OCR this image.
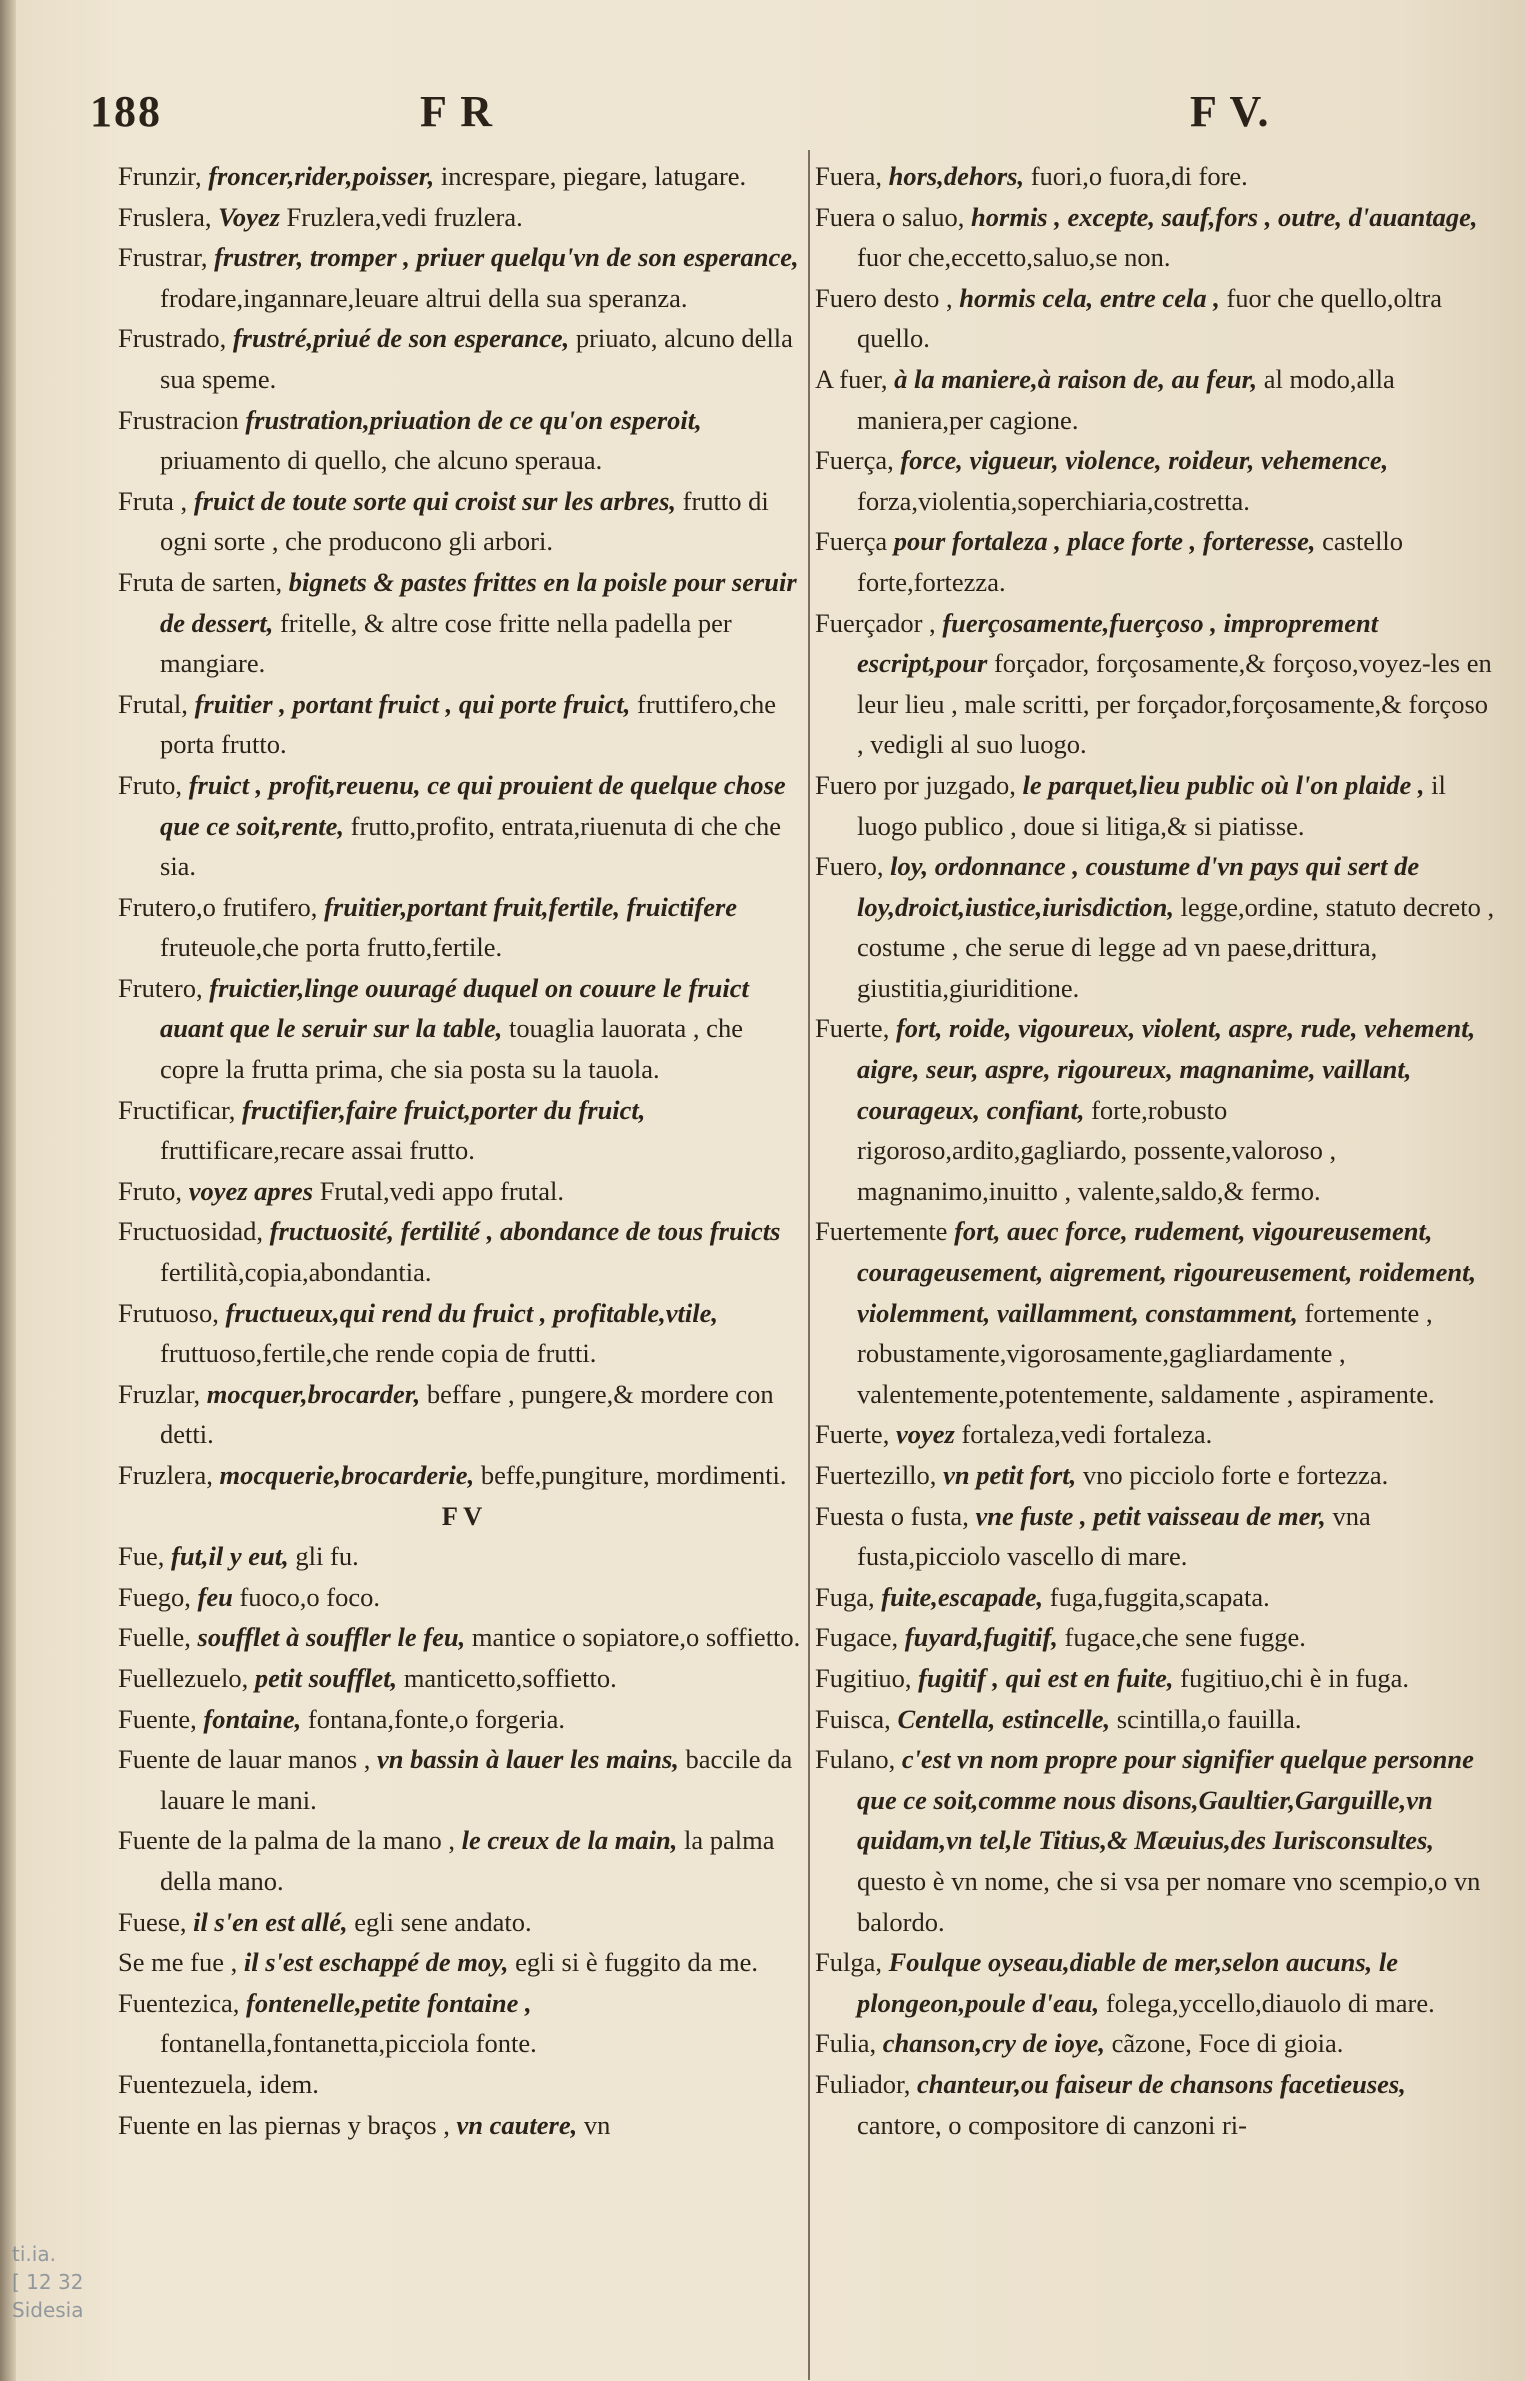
188	F R	F V.

Frunzir, froncer,rider,poisser, increspare, piegare, latugare.

Fruslera, Voyez Fruzlera,vedi fruzlera.

Frustrar, frustrer, tromper , priuer quelqu'vn de son esperance, frodare,ingannare,leuare altrui della sua speranza.

Frustrado, frustré,priué de son esperance, priuato, alcuno della sua speme.

Frustracion frustration,priuation de ce qu'on esperoit, priuamento di quello, che alcuno speraua.

Fruta , fruict de toute sorte qui croist sur les arbres, frutto di ogni sorte , che producono gli arbori.

Fruta de sarten, bignets & pastes frittes en la poisle pour seruir de dessert, fritelle, & altre cose fritte nella padella per mangiare.

Frutal, fruitier , portant fruict , qui porte fruict, fruttifero,che porta frutto.

Fruto, fruict , profit,reuenu, ce qui prouient de quelque chose que ce soit,rente, frutto,profito, entrata,riuenuta di che che sia.

Frutero,o frutifero, fruitier,portant fruit,fertile, fruictifere fruteuole,che porta frutto,fertile.

Frutero, fruictier,linge ouuragé duquel on couure le fruict auant que le seruir sur la table, touaglia lauorata , che copre la frutta prima, che sia posta su la tauola.

Fructificar, fructifier,faire fruict,porter du fruict, fruttificare,recare assai frutto.

Fruto, voyez apres Frutal,vedi appo frutal.

Fructuosidad, fructuosité, fertilité , abondance de tous fruicts fertilità,copia,abondantia.

Frutuoso, fructueux,qui rend du fruict , profitable,vtile, fruttuoso,fertile,che rende copia de frutti.

Fruzlar, mocquer,brocarder, beffare , pungere,& mordere con detti.

Fruzlera, mocquerie,brocarderie, beffe,pungiture, mordimenti.

F V

Fue, fut,il y eut, gli fu.

Fuego, feu fuoco,o foco.

Fuelle, soufflet à souffler le feu, mantice o sopiatore,o soffietto.

Fuellezuelo, petit soufflet, manticetto,soffietto.

Fuente, fontaine, fontana,fonte,o forgeria.

Fuente de lauar manos , vn bassin à lauer les mains, baccile da lauare le mani.

Fuente de la palma de la mano , le creux de la main, la palma della mano.

Fuese, il s'en est allé, egli sene andato.

Se me fue , il s'est eschappé de moy, egli si è fuggito da me.

Fuentezica, fontenelle,petite fontaine , fontanella,fontanetta,picciola fonte.

Fuentezuela, idem.

Fuente en las piernas y braços , vn cautere, vn

Fuera, hors,dehors, fuori,o fuora,di fore.

Fuera o saluo, hormis , excepte, sauf,fors , outre, d'auantage, fuor che,eccetto,saluo,se non.

Fuero desto , hormis cela, entre cela , fuor che quello,oltra quello.

A fuer, à la maniere,à raison de, au feur, al modo,alla maniera,per cagione.

Fuerça, force, vigueur, violence, roideur, vehemence, forza,violentia,soperchiaria,costretta.

Fuerça pour fortaleza , place forte , forteresse, castello forte,fortezza.

Fuerçador , fuerçosamente,fuerçoso , improprement escript,pour forçador, forçosamente,& forçoso,voyez-les en leur lieu , male scritti, per forçador,forçosamente,& forçoso , vedigli al suo luogo.

Fuero por juzgado, le parquet,lieu public où l'on plaide , il luogo publico , doue si litiga,& si piatisse.

Fuero, loy, ordonnance , coustume d'vn pays qui sert de loy,droict,iustice,iurisdiction, legge,ordine, statuto decreto , costume , che serue di legge ad vn paese,drittura, giustitia,giuriditione.

Fuerte, fort, roide, vigoureux, violent, aspre, rude, vehement, aigre, seur, aspre, rigoureux, magnanime, vaillant, courageux, confiant, forte,robusto rigoroso,ardito,gagliardo, possente,valoroso , magnanimo,inuitto , valente,saldo,& fermo.

Fuertemente fort, auec force, rudement, vigoureusement, courageusement, aigrement, rigoureusement, roidement, violemment, vaillamment, constamment, fortemente , robustamente,vigorosamente,gagliardamente , valentemente,potentemente, saldamente , aspiramente.

Fuerte, voyez fortaleza,vedi fortaleza.

Fuertezillo, vn petit fort, vno picciolo forte e fortezza.

Fuesta o fusta, vne fuste , petit vaisseau de mer, vna fusta,picciolo vascello di mare.

Fuga, fuite,escapade, fuga,fuggita,scapata.

Fugace, fuyard,fugitif, fugace,che sene fugge.

Fugitiuo, fugitif , qui est en fuite, fugitiuo,chi è in fuga.

Fuisca, Centella, estincelle, scintilla,o fauilla.

Fulano, c'est vn nom propre pour signifier quelque personne que ce soit,comme nous disons,Gaultier,Garguille,vn quidam,vn tel,le Titius,& Mæuius,des Iurisconsultes, questo è vn nome, che si vsa per nomare vno scempio,o vn balordo.

Fulga, Foulque oyseau,diable de mer,selon aucuns, le plongeon,poule d'eau, folega,yccello,diauolo di mare.

Fulia, chanson,cry de ioye, cãzone, Foce di gioia.

Fuliador, chanteur,ou faiseur de chansons facetieuses, cantore, o compositore di canzoni ri-

ti.ia.
[ 12 32
Sidesia
